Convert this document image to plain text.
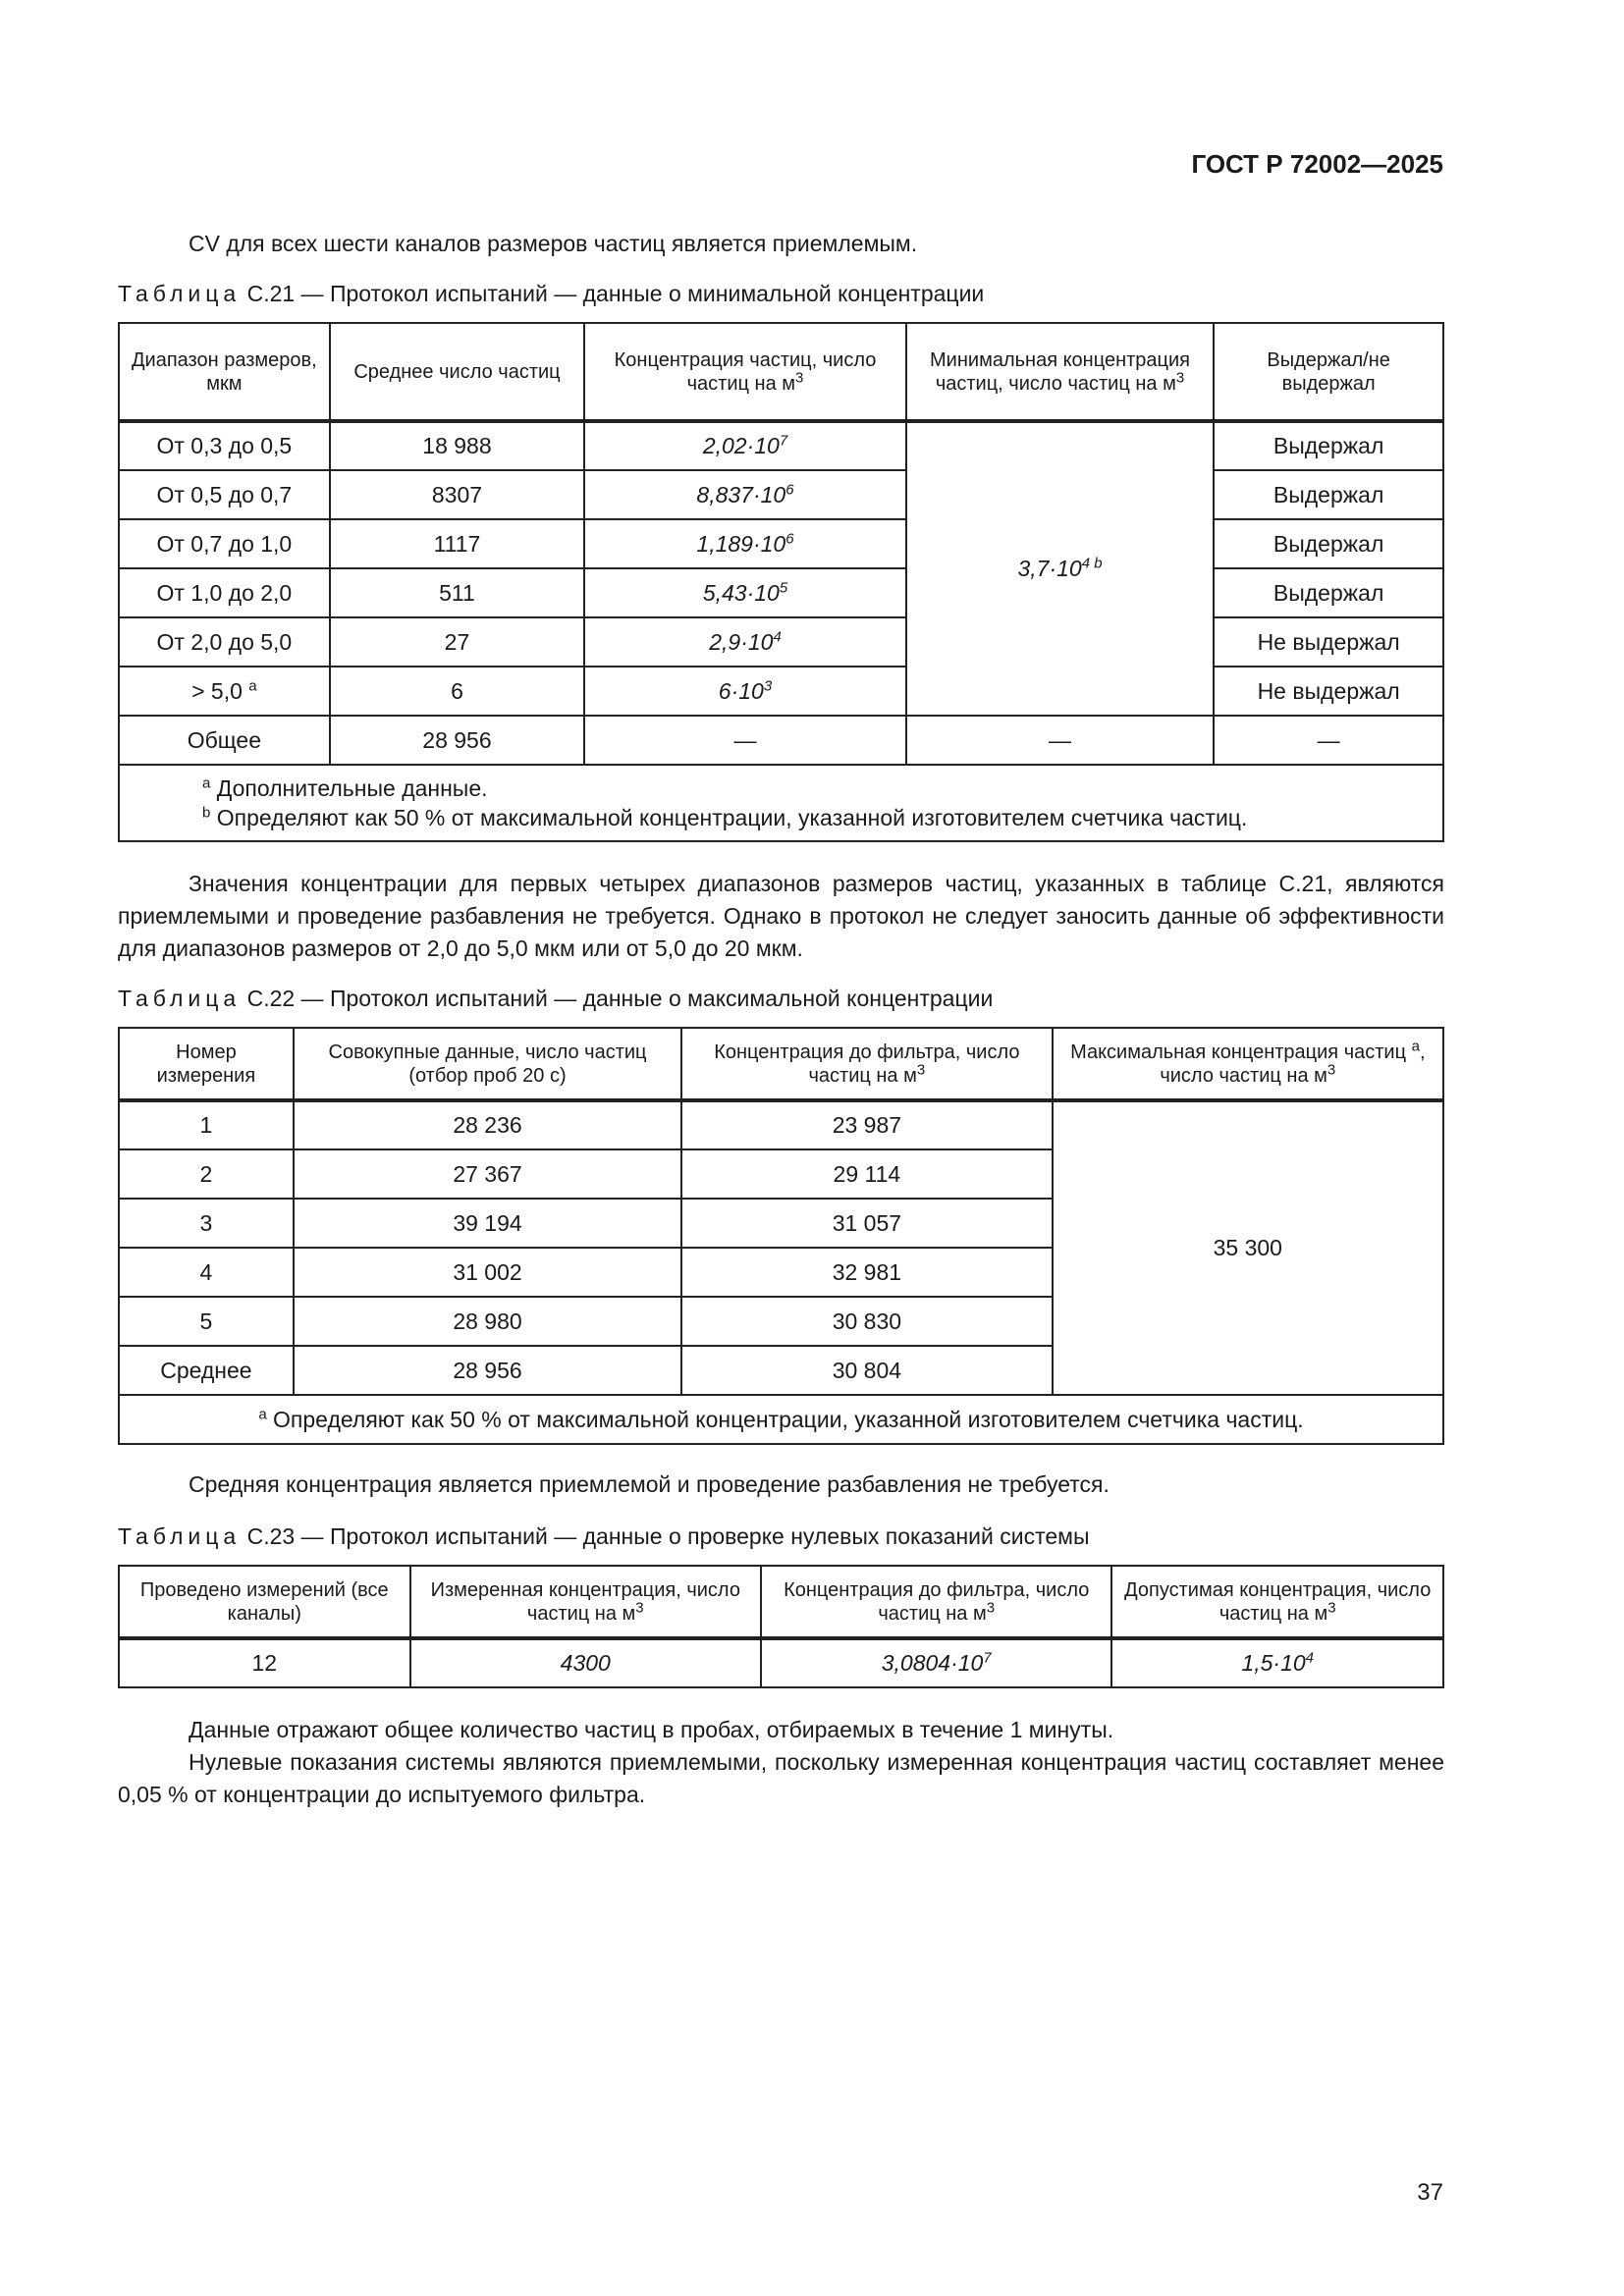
ГОСТ Р 72002—2025
CV для всех шести каналов размеров частиц является приемлемым.
Таблица С.21 — Протокол испытаний — данные о минимальной концентрации
Диапазон размеров, мкм	Среднее число частиц	Концентрация частиц, число частиц на $м^3$	Минимальная концентрация частиц, число частиц на $м^3$	Выдержал/не выдержал
От 0,3 до 0,5	18 988	$2,02\cdot 10^7$	$3,7\cdot 10^{4 b}$	Выдержал
От 0,5 до 0,7	8307	$8,837\cdot 10^6$		Выдержал
От 0,7 до 1,0	1117	$1,189\cdot 10^6$		Выдержал
От 1,0 до 2,0	511	$5,43\cdot 10^5$		Выдержал
От 2,0 до 5,0	27	$2,9\cdot 10^4$		Не выдержал
> 5,0 $^a$	6	$6\cdot 10^3$		Не выдержал
Общее	28 956	—	—	—

$^a$ Дополнительные данные.
$^b$ Определяют как 50 % от максимальной концентрации, указанной изготовителем счетчика частиц.				
Значения концентрации для первых четырех диапазонов размеров частиц, указанных в таблице С.21, являются приемлемыми и проведение разбавления не требуется. Однако в протокол не следует заносить данные об эффективности для диапазонов размеров от 2,0 до 5,0 мкм или от 5,0 до 20 мкм.
Таблица С.22 — Протокол испытаний — данные о максимальной концентрации
Номер измерения	Совокупные данные, число частиц (отбор проб 20 с)	Концентрация до фильтра, число частиц на $м^3$	Максимальная концентрация частиц $^a$, число частиц на $м^3$
1	28 236	23 987	35 300
2	27 367	29 114	
3	39 194	31 057	
4	31 002	32 981	
5	28 980	30 830	
Среднее	28 956	30 804	
$^a$ Определяют как 50 % от максимальной концентрации, указанной изготовителем счетчика частиц.			
Средняя концентрация является приемлемой и проведение разбавления не требуется.
Таблица С.23 — Протокол испытаний — данные о проверке нулевых показаний системы
Проведено измерений (все каналы)	Измеренная концентрация, число частиц на $м^3$	Концентрация до фильтра, число частиц на $м^3$	Допустимая концентрация, число частиц на $м^3$
12	4300	$3,0804\cdot 10^7$	$1,5\cdot 10^4$
Данные отражают общее количество частиц в пробах, отбираемых в течение 1 минуты.
Нулевые показания системы являются приемлемыми, поскольку измеренная концентрация частиц составляет менее 0,05 % от концентрации до испытуемого фильтра.
37
